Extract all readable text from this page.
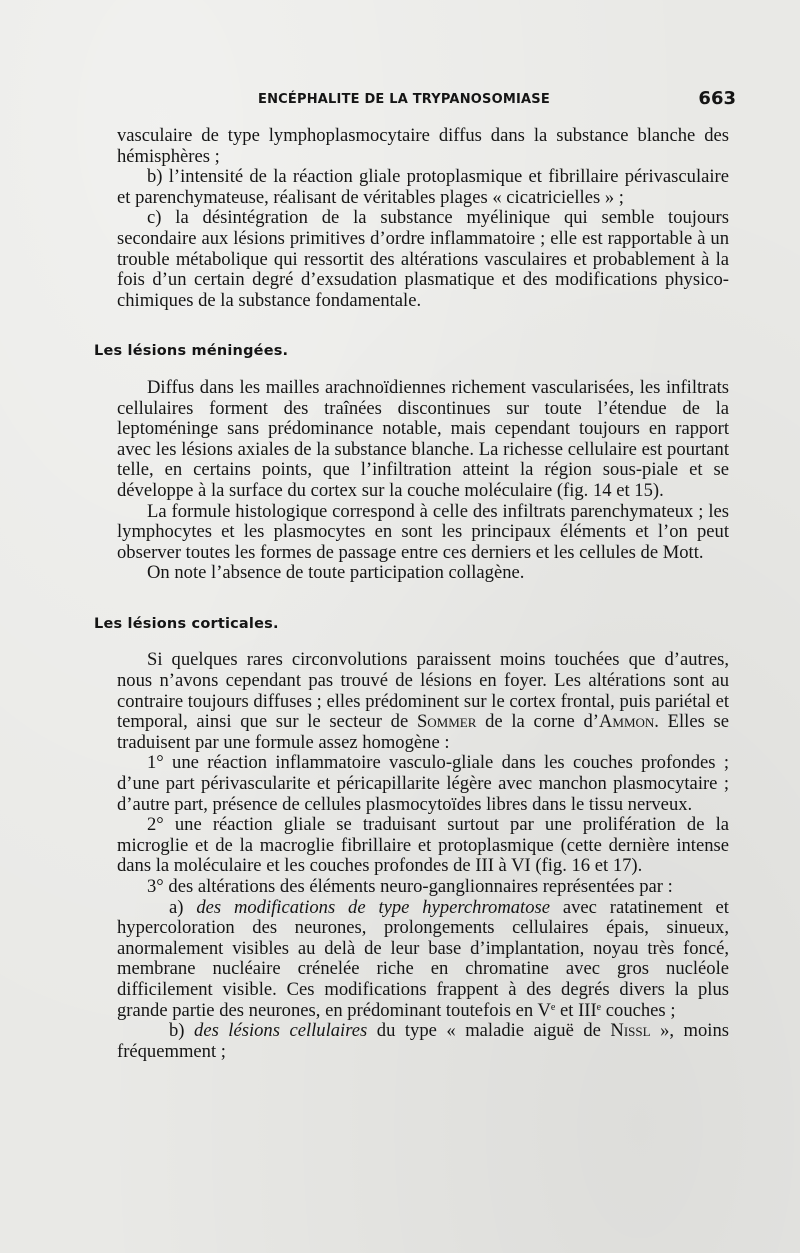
ENCÉPHALITE DE LA TRYPANOSOMIASE	663

vasculaire de type lymphoplasmocytaire diffus dans la substance blanche des hémisphères ;

b) l’intensité de la réaction gliale protoplasmique et fibrillaire périvasculaire et parenchymateuse, réalisant de véritables plages « cicatricielles » ;

c) la désintégration de la substance myélinique qui semble toujours secondaire aux lésions primitives d’ordre inflammatoire ; elle est rapportable à un trouble métabolique qui ressortit des altérations vasculaires et probablement à la fois d’un certain degré d’exsudation plasmatique et des modifications physico-chimiques de la substance fondamentale.

Les lésions méningées.

Diffus dans les mailles arachnoïdiennes richement vascularisées, les infiltrats cellulaires forment des traînées discontinues sur toute l’étendue de la leptoméninge sans prédominance notable, mais cependant toujours en rapport avec les lésions axiales de la substance blanche. La richesse cellulaire est pourtant telle, en certains points, que l’infiltration atteint la région sous-piale et se développe à la surface du cortex sur la couche moléculaire (fig. 14 et 15).

La formule histologique correspond à celle des infiltrats parenchymateux ; les lymphocytes et les plasmocytes en sont les principaux éléments et l’on peut observer toutes les formes de passage entre ces derniers et les cellules de Mott.

On note l’absence de toute participation collagène.

Les lésions corticales.

Si quelques rares circonvolutions paraissent moins touchées que d’autres, nous n’avons cependant pas trouvé de lésions en foyer. Les altérations sont au contraire toujours diffuses ; elles prédominent sur le cortex frontal, puis pariétal et temporal, ainsi que sur le secteur de Sommer de la corne d’Ammon. Elles se traduisent par une formule assez homogène :

1° une réaction inflammatoire vasculo-gliale dans les couches profondes ; d’une part périvascularite et péricapillarite légère avec manchon plasmocytaire ; d’autre part, présence de cellules plasmocytoïdes libres dans le tissu nerveux.

2° une réaction gliale se traduisant surtout par une prolifération de la microglie et de la macroglie fibrillaire et protoplasmique (cette dernière intense dans la moléculaire et les couches profondes de III à VI (fig. 16 et 17).

3° des altérations des éléments neuro-ganglionnaires représentées par :

a) des modifications de type hyperchromatose avec ratatinement et hypercoloration des neurones, prolongements cellulaires épais, sinueux, anormalement visibles au delà de leur base d’implantation, noyau très foncé, membrane nucléaire crénelée riche en chromatine avec gros nucléole difficilement visible. Ces modifications frappent à des degrés divers la plus grande partie des neurones, en prédominant toutefois en Ve et IIIe couches ;

b) des lésions cellulaires du type « maladie aiguë de Nissl », moins fréquemment ;
